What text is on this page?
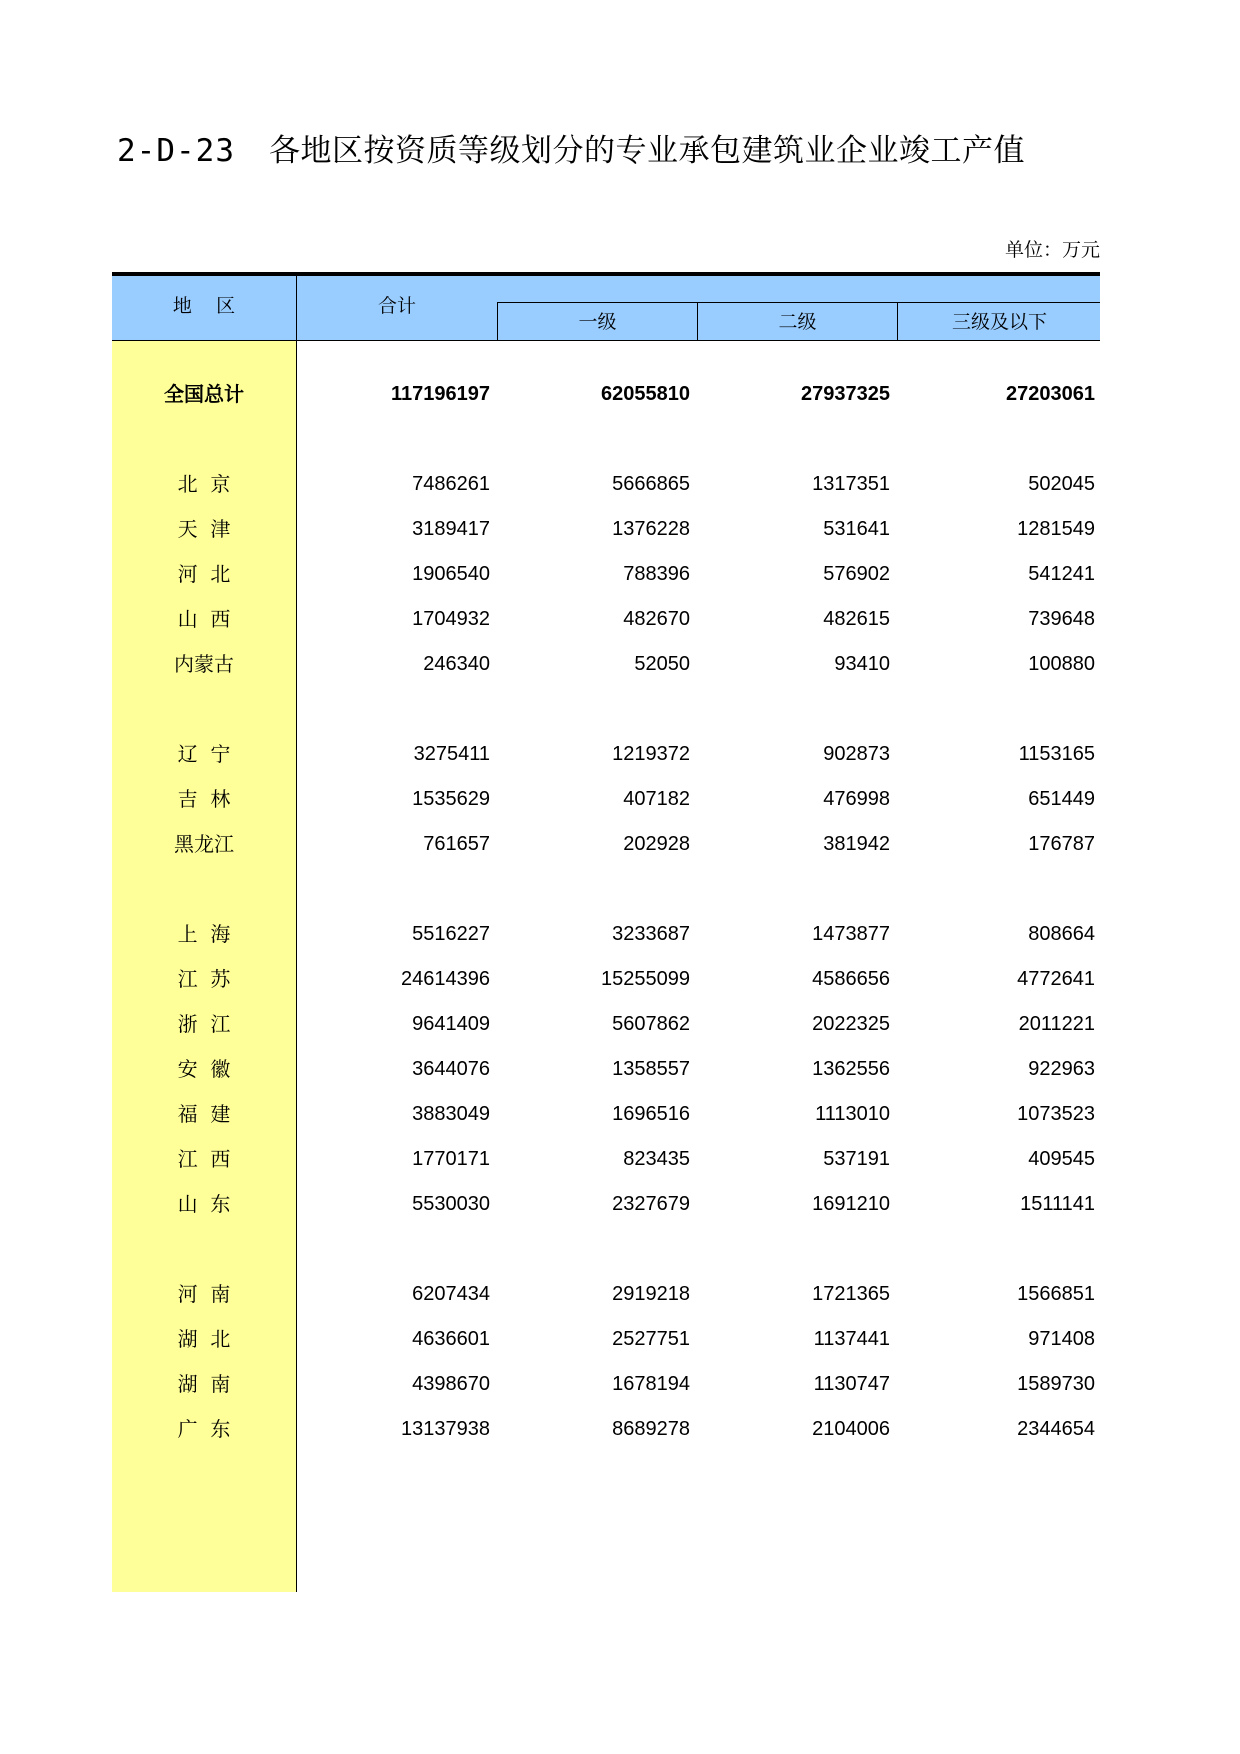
2-D-23 各地区按资质等级划分的专业承包建筑业企业竣工产值
单位：万元
地    区	合计
一级	二级	三级及以下
全国总计	117196197	62055810	27937325	27203061
北  京	7486261	5666865	1317351	502045
天  津	3189417	1376228	531641	1281549
河  北	1906540	788396	576902	541241
山  西	1704932	482670	482615	739648
内蒙古	246340	52050	93410	100880
辽  宁	3275411	1219372	902873	1153165
吉  林	1535629	407182	476998	651449
黑龙江	761657	202928	381942	176787
上  海	5516227	3233687	1473877	808664
江  苏	24614396	15255099	4586656	4772641
浙  江	9641409	5607862	2022325	2011221
安  徽	3644076	1358557	1362556	922963
福  建	3883049	1696516	1113010	1073523
江  西	1770171	823435	537191	409545
山  东	5530030	2327679	1691210	1511141
河  南	6207434	2919218	1721365	1566851
湖  北	4636601	2527751	1137441	971408
湖  南	4398670	1678194	1130747	1589730
广  东	13137938	8689278	2104006	2344654
